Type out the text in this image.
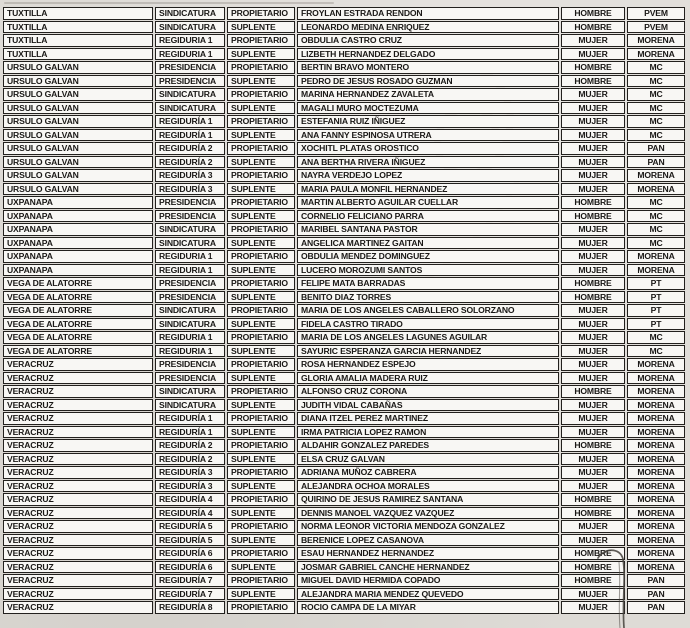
TUXTILLA	SINDICATURA	PROPIETARIO	FROYLAN ESTRADA RENDON	HOMBRE	PVEM
TUXTILLA	SINDICATURA	SUPLENTE	LEONARDO MEDINA ENRIQUEZ	HOMBRE	PVEM
TUXTILLA	REGIDURIA 1	PROPIETARIO	OBDULIA CASTRO CRUZ	MUJER	MORENA
TUXTILLA	REGIDURIA 1	SUPLENTE	LIZBETH HERNANDEZ DELGADO	MUJER	MORENA
URSULO GALVAN	PRESIDENCIA	PROPIETARIO	BERTIN BRAVO MONTERO	HOMBRE	MC
URSULO GALVAN	PRESIDENCIA	SUPLENTE	PEDRO DE JESUS ROSADO GUZMAN	HOMBRE	MC
URSULO GALVAN	SINDICATURA	PROPIETARIO	MARINA HERNANDEZ ZAVALETA	MUJER	MC
URSULO GALVAN	SINDICATURA	SUPLENTE	MAGALI MURO MOCTEZUMA	MUJER	MC
URSULO GALVAN	REGIDURÍA 1	PROPIETARIO	ESTEFANIA RUIZ IÑIGUEZ	MUJER	MC
URSULO GALVAN	REGIDURÍA 1	SUPLENTE	ANA FANNY ESPINOSA UTRERA	MUJER	MC
URSULO GALVAN	REGIDURÍA 2	PROPIETARIO	XOCHITL PLATAS OROSTICO	MUJER	PAN
URSULO GALVAN	REGIDURÍA 2	SUPLENTE	ANA BERTHA RIVERA IÑIGUEZ	MUJER	PAN
URSULO GALVAN	REGIDURÍA 3	PROPIETARIO	NAYRA VERDEJO LOPEZ	MUJER	MORENA
URSULO GALVAN	REGIDURÍA 3	SUPLENTE	MARIA PAULA MONFIL HERNANDEZ	MUJER	MORENA
UXPANAPA	PRESIDENCIA	PROPIETARIO	MARTIN ALBERTO AGUILAR CUELLAR	HOMBRE	MC
UXPANAPA	PRESIDENCIA	SUPLENTE	CORNELIO FELICIANO PARRA	HOMBRE	MC
UXPANAPA	SINDICATURA	PROPIETARIO	MARIBEL SANTANA PASTOR	MUJER	MC
UXPANAPA	SINDICATURA	SUPLENTE	ANGELICA MARTINEZ GAITAN	MUJER	MC
UXPANAPA	REGIDURIA 1	PROPIETARIO	OBDULIA MENDEZ DOMINGUEZ	MUJER	MORENA
UXPANAPA	REGIDURIA 1	SUPLENTE	LUCERO MOROZUMI SANTOS	MUJER	MORENA
VEGA DE ALATORRE	PRESIDENCIA	PROPIETARIO	FELIPE MATA BARRADAS	HOMBRE	PT
VEGA DE ALATORRE	PRESIDENCIA	SUPLENTE	BENITO DIAZ TORRES	HOMBRE	PT
VEGA DE ALATORRE	SINDICATURA	PROPIETARIO	MARIA DE LOS ANGELES CABALLERO SOLORZANO	MUJER	PT
VEGA DE ALATORRE	SINDICATURA	SUPLENTE	FIDELA CASTRO TIRADO	MUJER	PT
VEGA DE ALATORRE	REGIDURIA 1	PROPIETARIO	MARIA DE LOS ANGELES LAGUNES AGUILAR	MUJER	MC
VEGA DE ALATORRE	REGIDURIA 1	SUPLENTE	SAYURIC ESPERANZA GARCIA HERNANDEZ	MUJER	MC
VERACRUZ	PRESIDENCIA	PROPIETARIO	ROSA HERNANDEZ ESPEJO	MUJER	MORENA
VERACRUZ	PRESIDENCIA	SUPLENTE	GLORIA AMALIA MADERA RUIZ	MUJER	MORENA
VERACRUZ	SINDICATURA	PROPIETARIO	ALFONSO CRUZ CORONA	HOMBRE	MORENA
VERACRUZ	SINDICATURA	SUPLENTE	JUDITH VIDAL CABAÑAS	MUJER	MORENA
VERACRUZ	REGIDURÍA 1	PROPIETARIO	DIANA ITZEL PEREZ MARTINEZ	MUJER	MORENA
VERACRUZ	REGIDURÍA 1	SUPLENTE	IRMA PATRICIA LOPEZ RAMON	MUJER	MORENA
VERACRUZ	REGIDURÍA 2	PROPIETARIO	ALDAHIR GONZALEZ PAREDES	HOMBRE	MORENA
VERACRUZ	REGIDURÍA 2	SUPLENTE	ELSA CRUZ GALVAN	MUJER	MORENA
VERACRUZ	REGIDURÍA 3	PROPIETARIO	ADRIANA MUÑOZ CABRERA	MUJER	MORENA
VERACRUZ	REGIDURÍA 3	SUPLENTE	ALEJANDRA OCHOA MORALES	MUJER	MORENA
VERACRUZ	REGIDURÍA 4	PROPIETARIO	QUIRINO DE JESUS RAMIREZ SANTANA	HOMBRE	MORENA
VERACRUZ	REGIDURÍA 4	SUPLENTE	DENNIS MANOEL VAZQUEZ VAZQUEZ	HOMBRE	MORENA
VERACRUZ	REGIDURÍA 5	PROPIETARIO	NORMA LEONOR VICTORIA MENDOZA GONZALEZ	MUJER	MORENA
VERACRUZ	REGIDURÍA 5	SUPLENTE	BERENICE LOPEZ CASANOVA	MUJER	MORENA
VERACRUZ	REGIDURÍA 6	PROPIETARIO	ESAU HERNANDEZ HERNANDEZ	HOMBRE	MORENA
VERACRUZ	REGIDURÍA 6	SUPLENTE	JOSMAR GABRIEL CANCHE HERNANDEZ	HOMBRE	MORENA
VERACRUZ	REGIDURÍA 7	PROPIETARIO	MIGUEL DAVID HERMIDA COPADO	HOMBRE	PAN
VERACRUZ	REGIDURÍA 7	SUPLENTE	ALEJANDRA MARIA MENDEZ QUEVEDO	MUJER	PAN
VERACRUZ	REGIDURÍA 8	PROPIETARIO	ROCIO CAMPA DE LA MIYAR	MUJER	PAN
